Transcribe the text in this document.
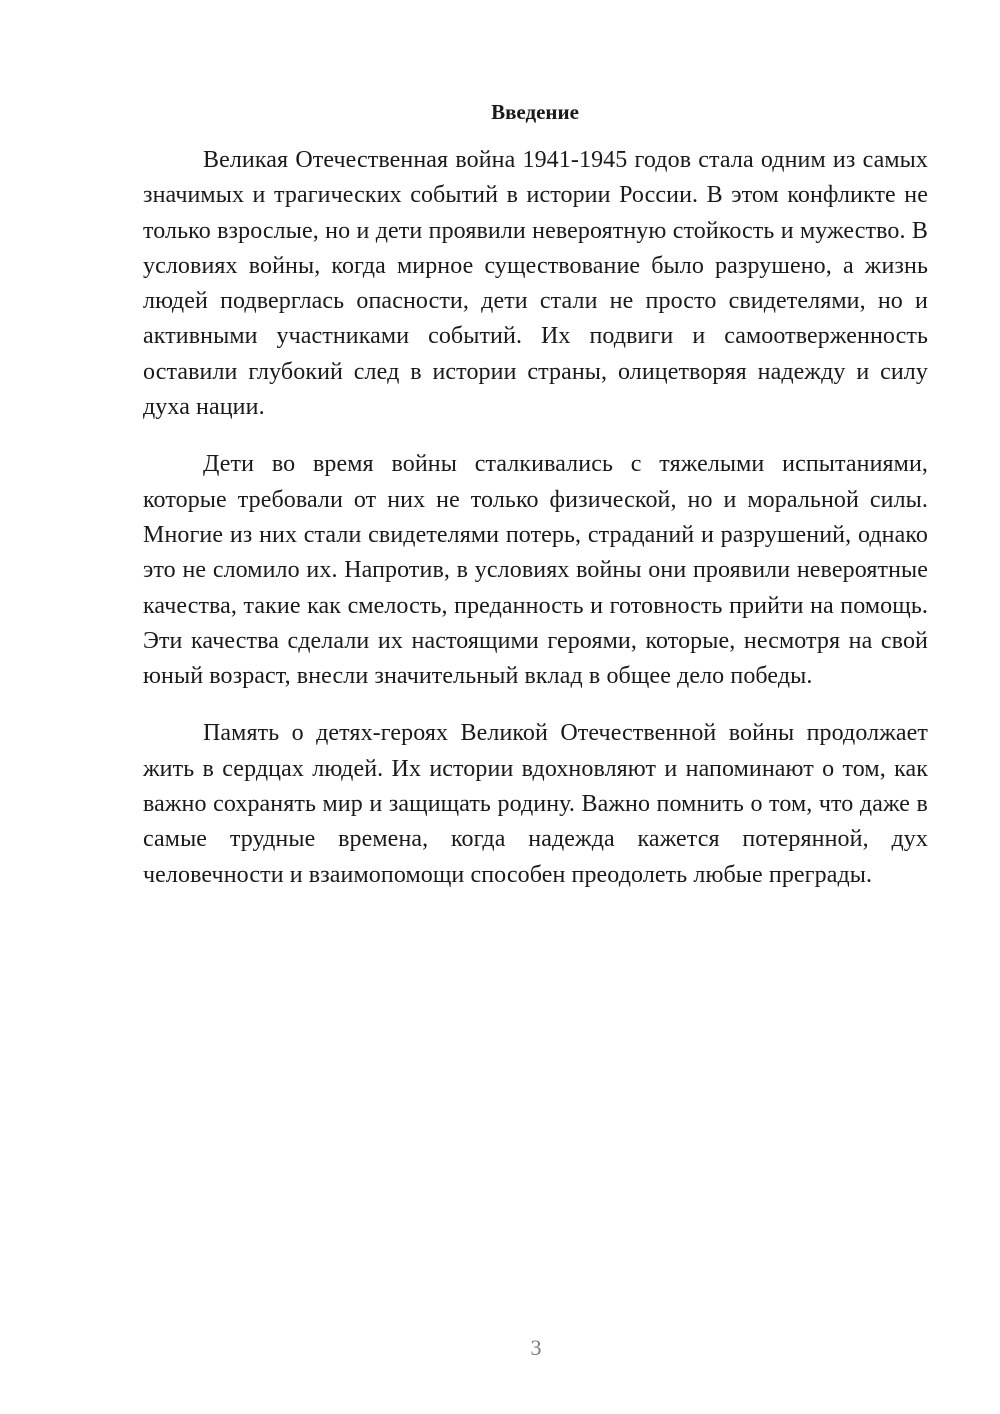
Введение

Великая Отечественная война 1941-1945 годов стала одним из самых значимых и трагических событий в истории России. В этом конфликте не только взрослые, но и дети проявили невероятную стойкость и мужество. В условиях войны, когда мирное существование было разрушено, а жизнь людей подверглась опасности, дети стали не просто свидетелями, но и активными участниками событий. Их подвиги и самоотверженность оставили глубокий след в истории страны, олицетворяя надежду и силу духа нации.

Дети во время войны сталкивались с тяжелыми испытаниями, которые требовали от них не только физической, но и моральной силы. Многие из них стали свидетелями потерь, страданий и разрушений, однако это не сломило их. Напротив, в условиях войны они проявили невероятные качества, такие как смелость, преданность и готовность прийти на помощь. Эти качества сделали их настоящими героями, которые, несмотря на свой юный возраст, внесли значительный вклад в общее дело победы.

Память о детях-героях Великой Отечественной войны продолжает жить в сердцах людей. Их истории вдохновляют и напоминают о том, как важно сохранять мир и защищать родину. Важно помнить о том, что даже в самые трудные времена, когда надежда кажется потерянной, дух человечности и взаимопомощи способен преодолеть любые преграды.

3
